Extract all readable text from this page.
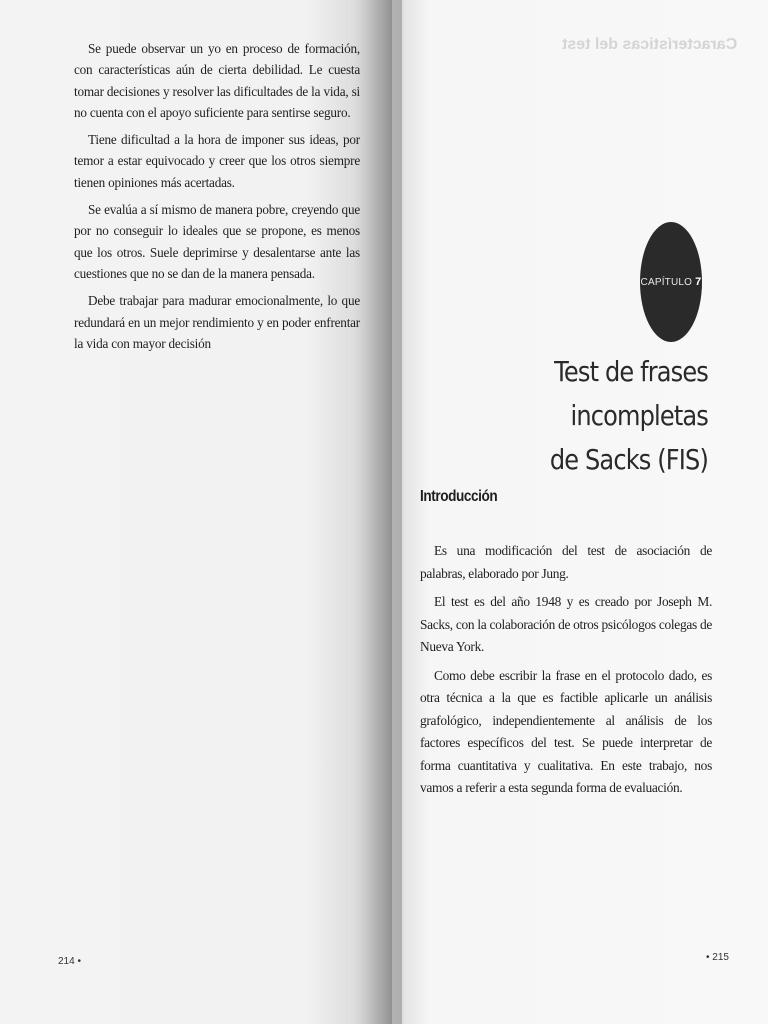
Se puede observar un yo en proceso de formación, con características aún de cierta debilidad. Le cuesta tomar decisiones y resolver las dificultades de la vida, si no cuenta con el apoyo suficiente para sentirse seguro.

Tiene dificultad a la hora de imponer sus ideas, por temor a estar equivocado y creer que los otros siempre tienen opiniones más acertadas.

Se evalúa a sí mismo de manera pobre, creyendo que por no conseguir lo ideales que se propone, es menos que los otros. Suele deprimirse y desalentarse ante las cuestiones que no se dan de la manera pensada.

Debe trabajar para madurar emocionalmente, lo que redundará en un mejor rendimiento y en poder enfrentar la vida con mayor decisión

214 •
Características del test
CAPÍTULO 7
Test de frases incompletas
de Sacks (FIS)
Introducción

Es una modificación del test de asociación de palabras, elaborado por Jung.

El test es del año 1948 y es creado por Joseph M. Sacks, con la colaboración de otros psicólogos colegas de Nueva York.

Como debe escribir la frase en el protocolo dado, es otra técnica a la que es factible aplicarle un análisis grafológico, independientemente al análisis de los factores específicos del test. Se puede interpretar de forma cuantitativa y cualitativa. En este trabajo, nos vamos a referir a esta segunda forma de evaluación.

• 215
